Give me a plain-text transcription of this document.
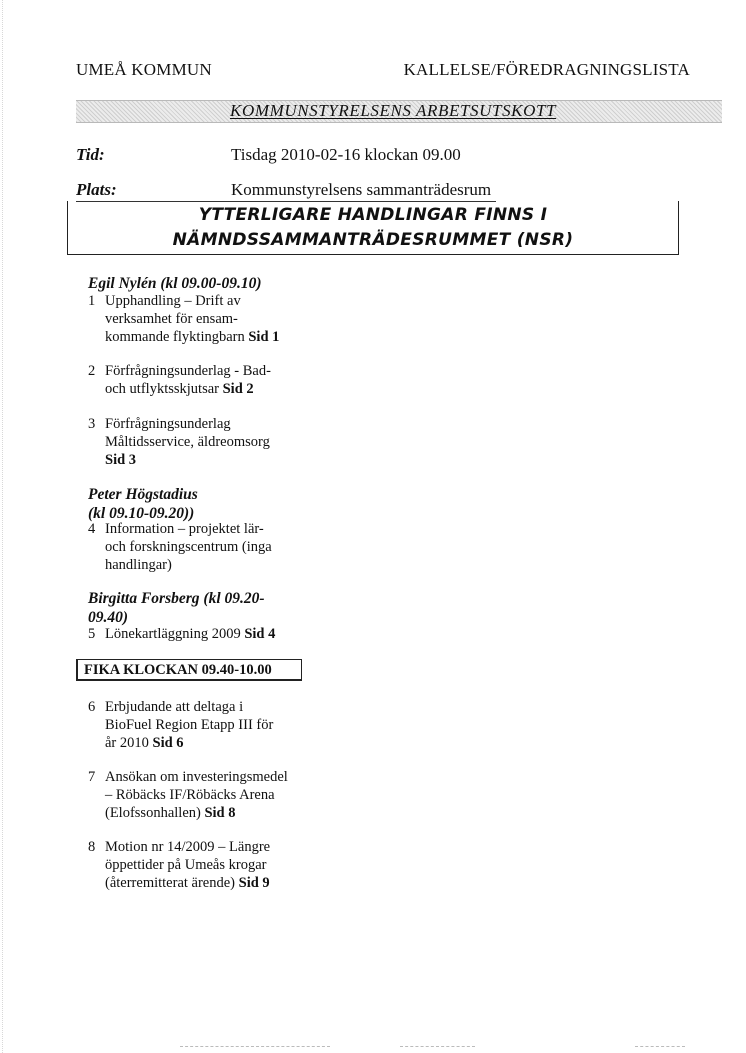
UMEÅ KOMMUN	KALLELSE/FÖREDRAGNINGSLISTA
KOMMUNSTYRELSENS ARBETSUTSKOTT
Tid:	Tisdag 2010-02-16 klockan 09.00
Plats:	Kommunstyrelsens sammanträdesrum
YTTERLIGARE HANDLINGAR FINNS I
NÄMNDSSAMMANTRÄDESRUMMET (NSR)
Egil Nylén (kl 09.00-09.10)
1 Upphandling – Drift av
verksamhet för ensam-
kommande flyktingbarn Sid 1
2 Förfrågningsunderlag - Bad-
och utflyktsskjutsar Sid 2
3 Förfrågningsunderlag
Måltidsservice, äldreomsorg
Sid 3
Peter Högstadius
(kl 09.10-09.20))
4 Information – projektet lär-
och forskningscentrum (inga
handlingar)
Birgitta Forsberg (kl 09.20-
09.40)
5 Lönekartläggning 2009 Sid 4
FIKA KLOCKAN 09.40-10.00
6 Erbjudande att deltaga i
BioFuel Region Etapp III för
år 2010 Sid 6
7 Ansökan om investeringsmedel
– Röbäcks IF/Röbäcks Arena
(Elofssonhallen) Sid 8
8 Motion nr 14/2009 – Längre
öppettider på Umeås krogar
(återremitterat ärende) Sid 9
